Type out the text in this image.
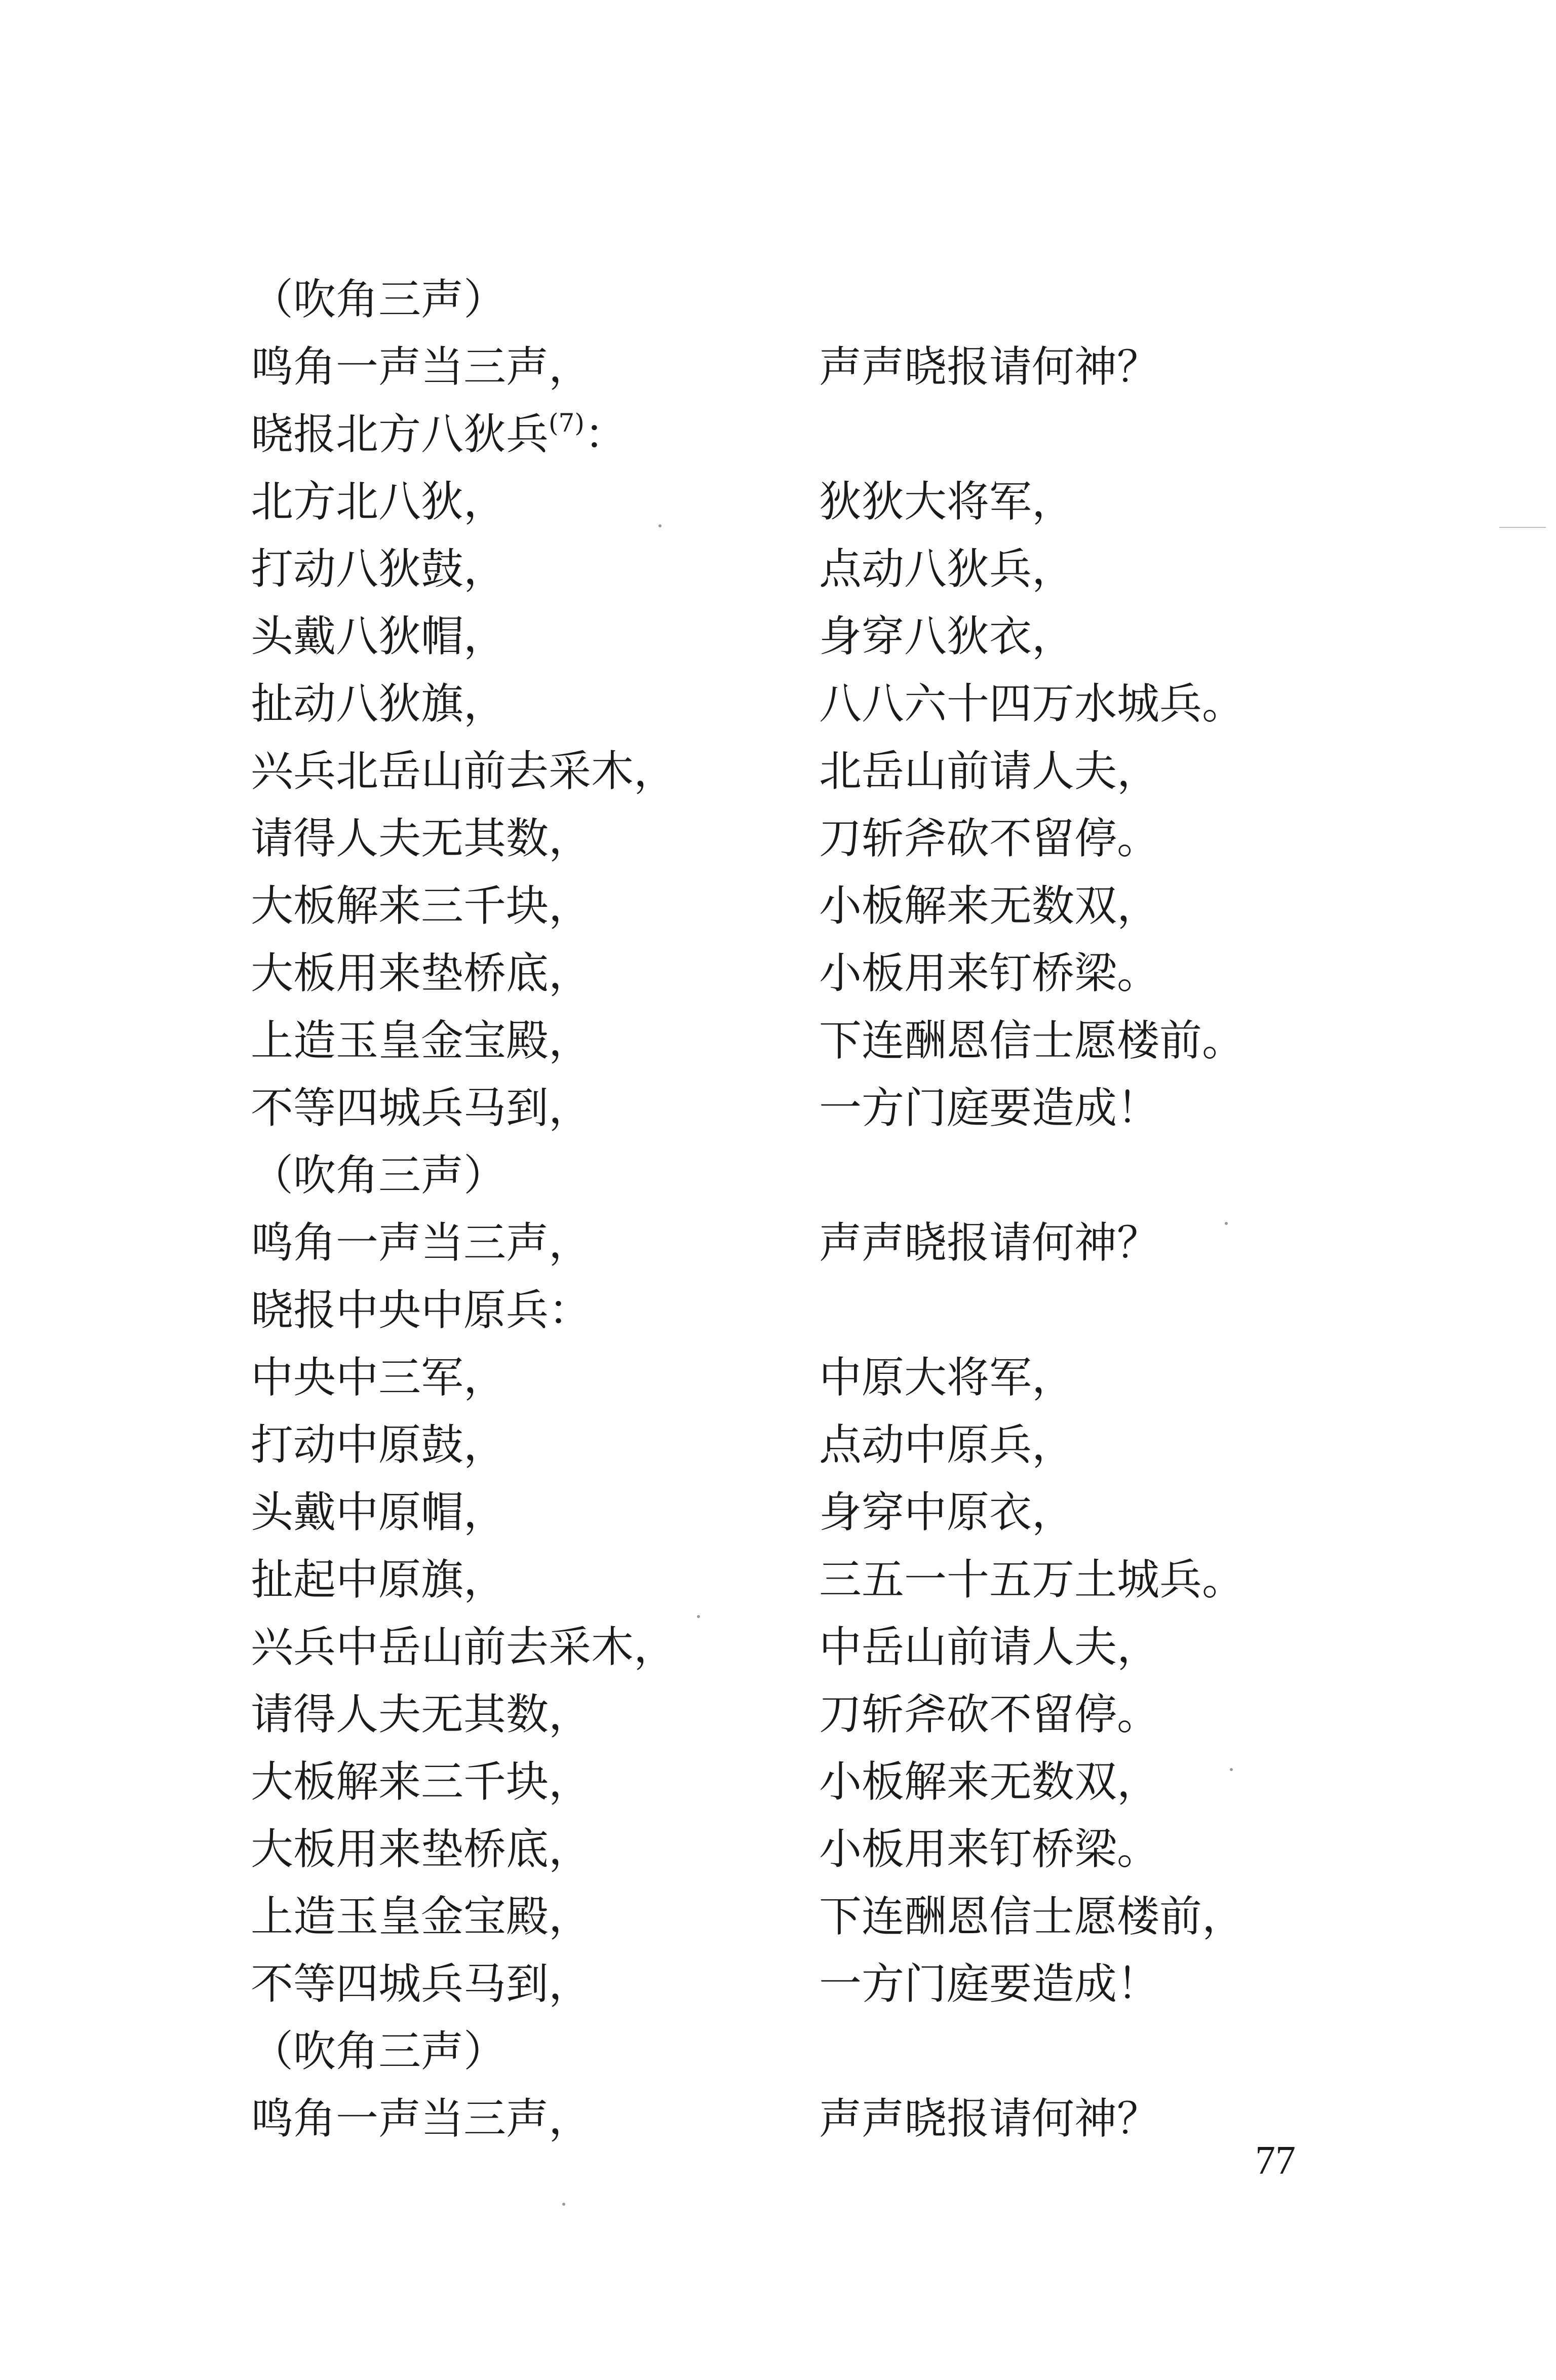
（吹角三声）
鸣角一声当三声，	声声晓报请何神？
晓报北方八狄兵$^{(7)}$：
北方北八狄，	狄狄大将军，
打动八狄鼓，	点动八狄兵，
头戴八狄帽，	身穿八狄衣，
扯动八狄旗，	八八六十四万水城兵。
兴兵北岳山前去采木，	北岳山前请人夫，
请得人夫无其数，	刀斩斧砍不留停。
大板解来三千块，	小板解来无数双，
大板用来垫桥底，	小板用来钉桥梁。
上造玉皇金宝殿，	下连酬恩信士愿楼前。
不等四城兵马到，	一方门庭要造成！
（吹角三声）
鸣角一声当三声，	声声晓报请何神？
晓报中央中原兵：
中央中三军，	中原大将军，
打动中原鼓，	点动中原兵，
头戴中原帽，	身穿中原衣，
扯起中原旗，	三五一十五万土城兵。
兴兵中岳山前去采木，	中岳山前请人夫，
请得人夫无其数，	刀斩斧砍不留停。
大板解来三千块，	小板解来无数双，
大板用来垫桥底，	小板用来钉桥梁。
上造玉皇金宝殿，	下连酬恩信士愿楼前，
不等四城兵马到，	一方门庭要造成！
（吹角三声）
鸣角一声当三声，	声声晓报请何神？
77
